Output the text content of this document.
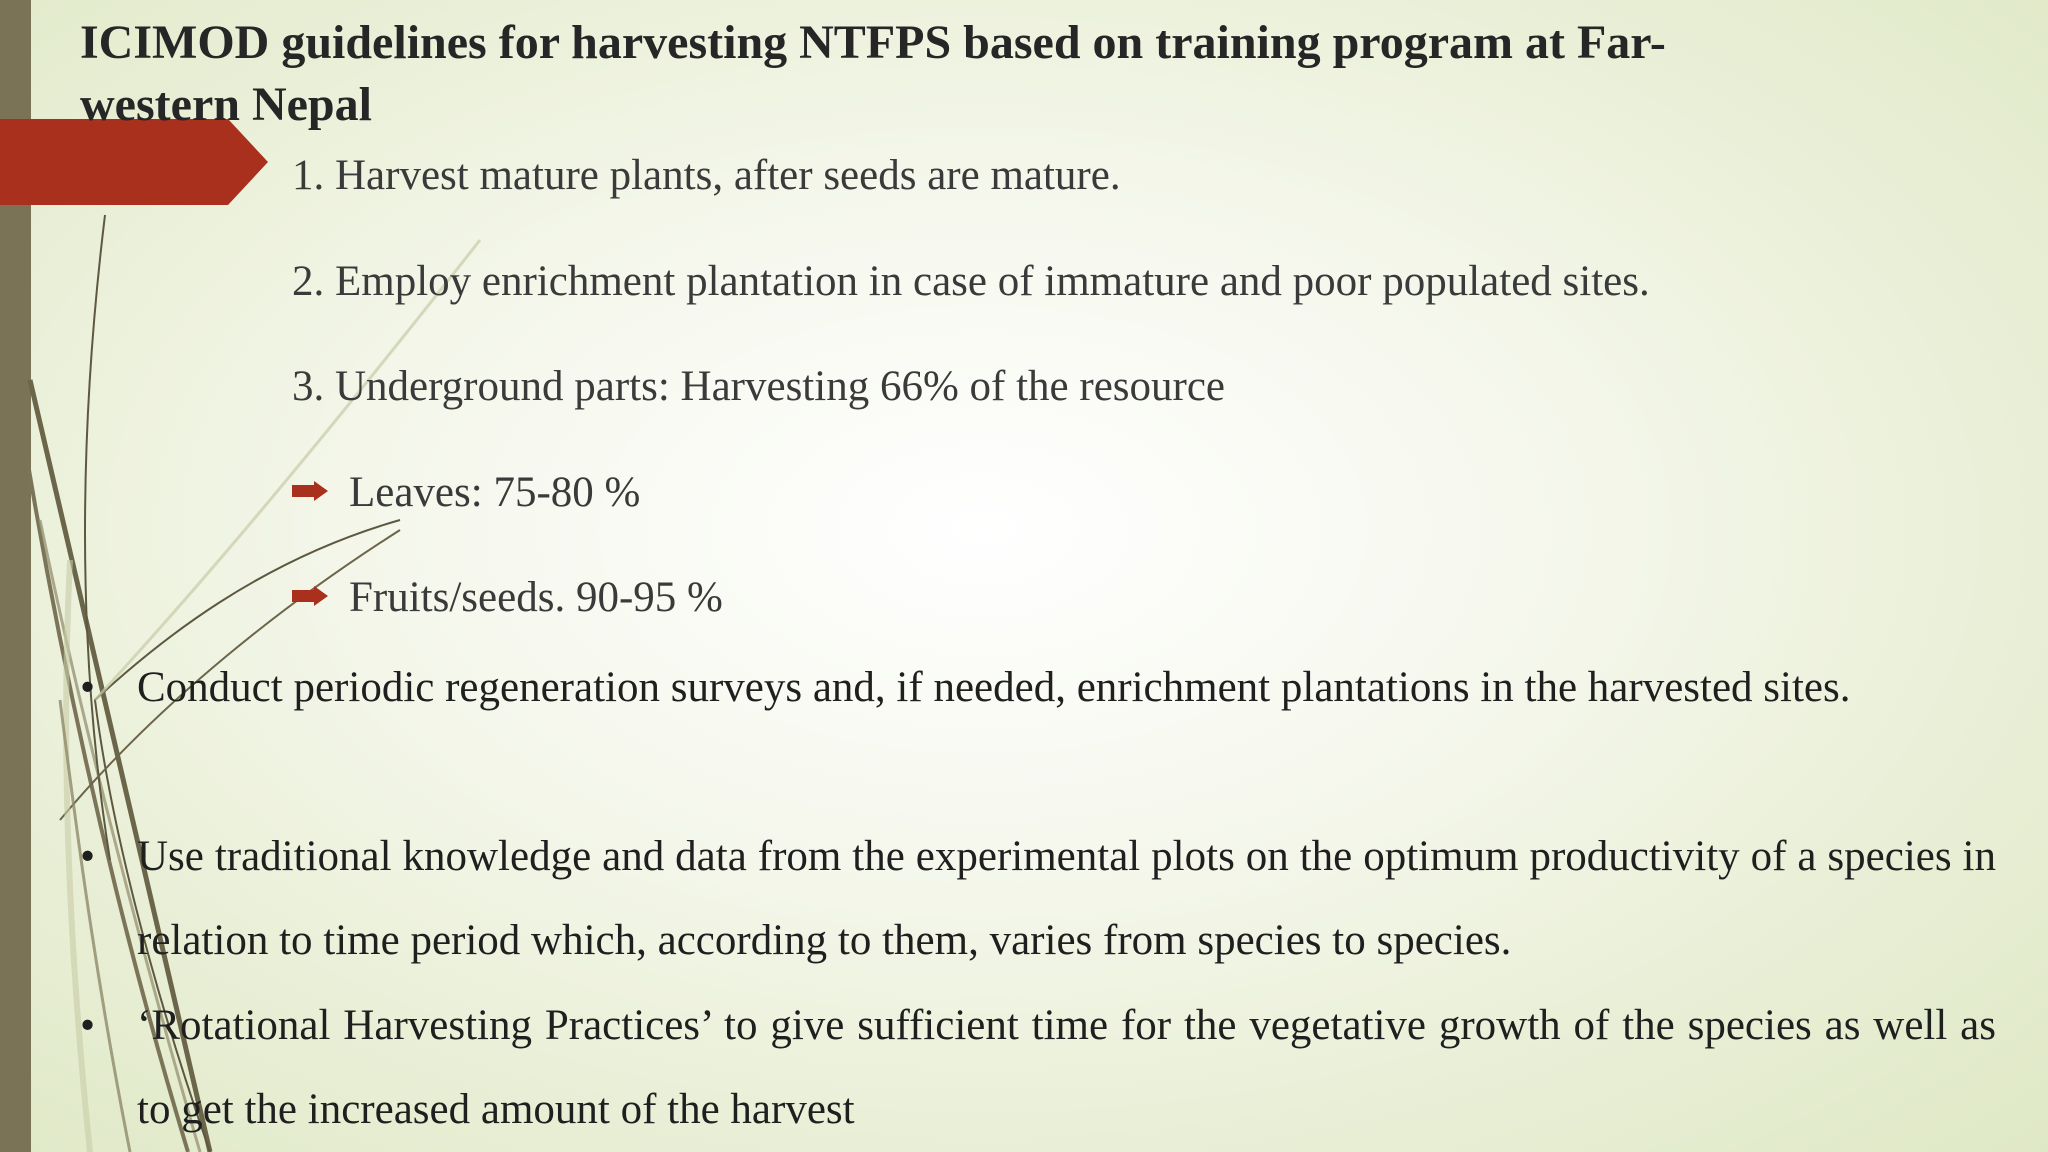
ICIMOD guidelines for harvesting NTFPS based on training program at Far-western Nepal
1. Harvest mature plants, after seeds are mature.
2. Employ enrichment plantation in case of immature and poor populated sites.
3. Underground parts: Harvesting 66% of the resource
Leaves: 75-80 %
Fruits/seeds. 90-95 %
• Conduct periodic regeneration surveys and, if needed, enrichment plantations in the harvested sites.
• Use traditional knowledge and data from the experimental plots on the optimum productivity of a species in relation to time period which, according to them, varies from species to species.
• ‘Rotational Harvesting Practices’ to give sufficient time for the vegetative growth of the species as well as to get the increased amount of the harvest
